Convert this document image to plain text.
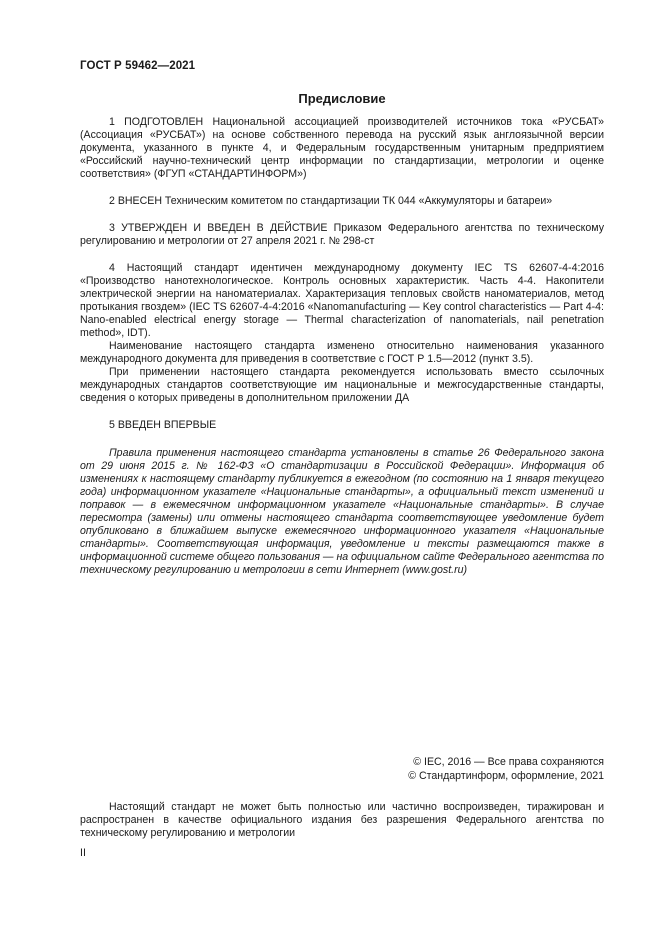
ГОСТ Р 59462—2021
Предисловие

1 ПОДГОТОВЛЕН Национальной ассоциацией производителей источников тока «РУСБАТ» (Ассоциация «РУСБАТ») на основе собственного перевода на русский язык англоязычной версии документа, указанного в пункте 4, и Федеральным государственным унитарным предприятием «Российский научно-технический центр информации по стандартизации, метрологии и оценке соответствия» (ФГУП «СТАНДАРТИНФОРМ»)

2 ВНЕСЕН Техническим комитетом по стандартизации ТК 044 «Аккумуляторы и батареи»

3 УТВЕРЖДЕН И ВВЕДЕН В ДЕЙСТВИЕ Приказом Федерального агентства по техническому регулированию и метрологии от 27 апреля 2021 г. № 298-ст

4 Настоящий стандарт идентичен международному документу IEC TS 62607-4-4:2016 «Производство нанотехнологическое. Контроль основных характеристик. Часть 4-4. Накопители электрической энергии на наноматериалах. Характеризация тепловых свойств наноматериалов, метод протыкания гвоздем» (IEC TS 62607-4-4:2016 «Nanomanufacturing — Key control characteristics — Part 4-4: Nano-enabled electrical energy storage — Thermal characterization of nanomaterials, nail penetration method», IDT).

Наименование настоящего стандарта изменено относительно наименования указанного международного документа для приведения в соответствие с ГОСТ Р 1.5—2012 (пункт 3.5).

При применении настоящего стандарта рекомендуется использовать вместо ссылочных международных стандартов соответствующие им национальные и межгосударственные стандарты, сведения о которых приведены в дополнительном приложении ДА

5 ВВЕДЕН ВПЕРВЫЕ

Правила применения настоящего стандарта установлены в статье 26 Федерального закона от 29 июня 2015 г. № 162-ФЗ «О стандартизации в Российской Федерации». Информация об изменениях к настоящему стандарту публикуется в ежегодном (по состоянию на 1 января текущего года) информационном указателе «Национальные стандарты», а официальный текст изменений и поправок — в ежемесячном информационном указателе «Национальные стандарты». В случае пересмотра (замены) или отмены настоящего стандарта соответствующее уведомление будет опубликовано в ближайшем выпуске ежемесячного информационного указателя «Национальные стандарты». Соответствующая информация, уведомление и тексты размещаются также в информационной системе общего пользования — на официальном сайте Федерального агентства по техническому регулированию и метрологии в сети Интернет (www.gost.ru)

© IEC, 2016 — Все права сохраняются
© Стандартинформ, оформление, 2021

Настоящий стандарт не может быть полностью или частично воспроизведен, тиражирован и распространен в качестве официального издания без разрешения Федерального агентства по техническому регулированию и метрологии

II
